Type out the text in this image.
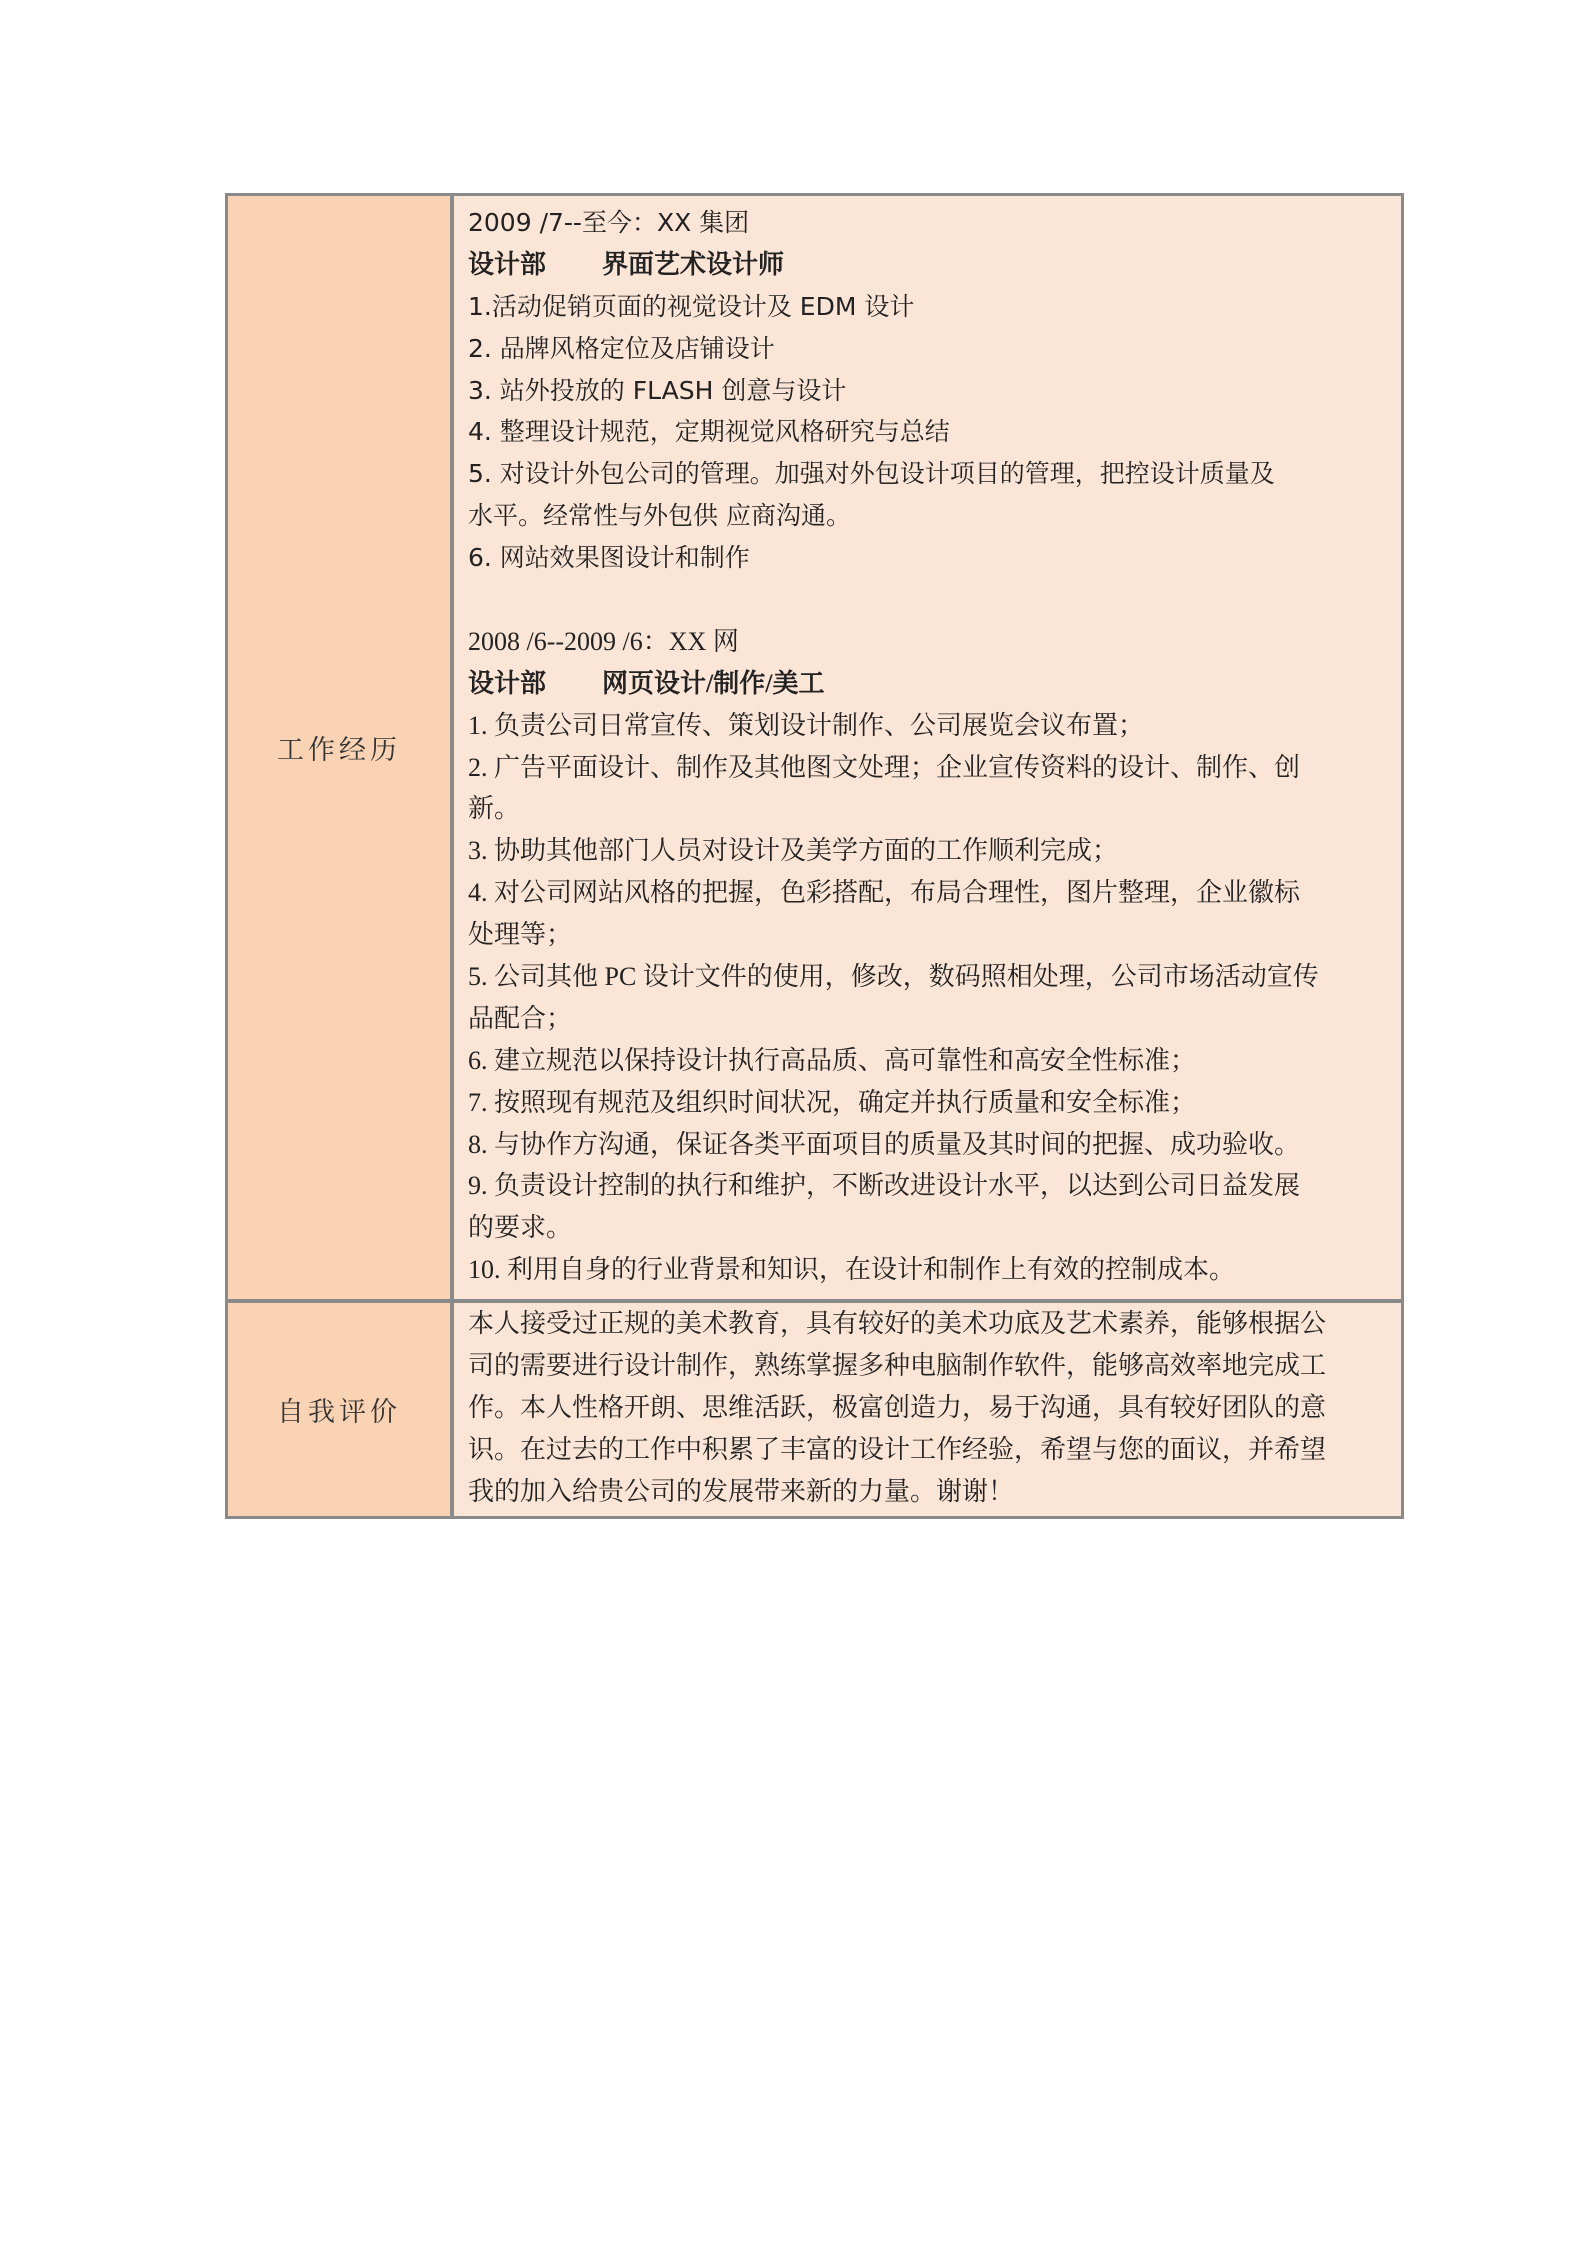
工作经历
2009 /7--至今：XX 集团
设计部 界面艺术设计师
1.活动促销页面的视觉设计及 EDM 设计
2. 品牌风格定位及店铺设计
3. 站外投放的 FLASH 创意与设计
4. 整理设计规范，定期视觉风格研究与总结
5. 对设计外包公司的管理。加强对外包设计项目的管理，把控设计质量及
水平。经常性与外包供 应商沟通。
6. 网站效果图设计和制作
2008 /6--2009 /6：XX 网
设计部 网页设计/制作/美工
1. 负责公司日常宣传、策划设计制作、公司展览会议布置；
2. 广告平面设计、制作及其他图文处理；企业宣传资料的设计、制作、创
新。
3. 协助其他部门人员对设计及美学方面的工作顺利完成；
4. 对公司网站风格的把握，色彩搭配，布局合理性，图片整理，企业徽标
处理等；
5. 公司其他 PC 设计文件的使用，修改，数码照相处理，公司市场活动宣传
品配合；
6. 建立规范以保持设计执行高品质、高可靠性和高安全性标准；
7. 按照现有规范及组织时间状况，确定并执行质量和安全标准；
8. 与协作方沟通，保证各类平面项目的质量及其时间的把握、成功验收。
9. 负责设计控制的执行和维护，不断改进设计水平，以达到公司日益发展
的要求。
10. 利用自身的行业背景和知识，在设计和制作上有效的控制成本。
自我评价
本人接受过正规的美术教育，具有较好的美术功底及艺术素养，能够根据公
司的需要进行设计制作，熟练掌握多种电脑制作软件，能够高效率地完成工
作。本人性格开朗、思维活跃，极富创造力，易于沟通，具有较好团队的意
识。在过去的工作中积累了丰富的设计工作经验，希望与您的面议，并希望
我的加入给贵公司的发展带来新的力量。谢谢！
